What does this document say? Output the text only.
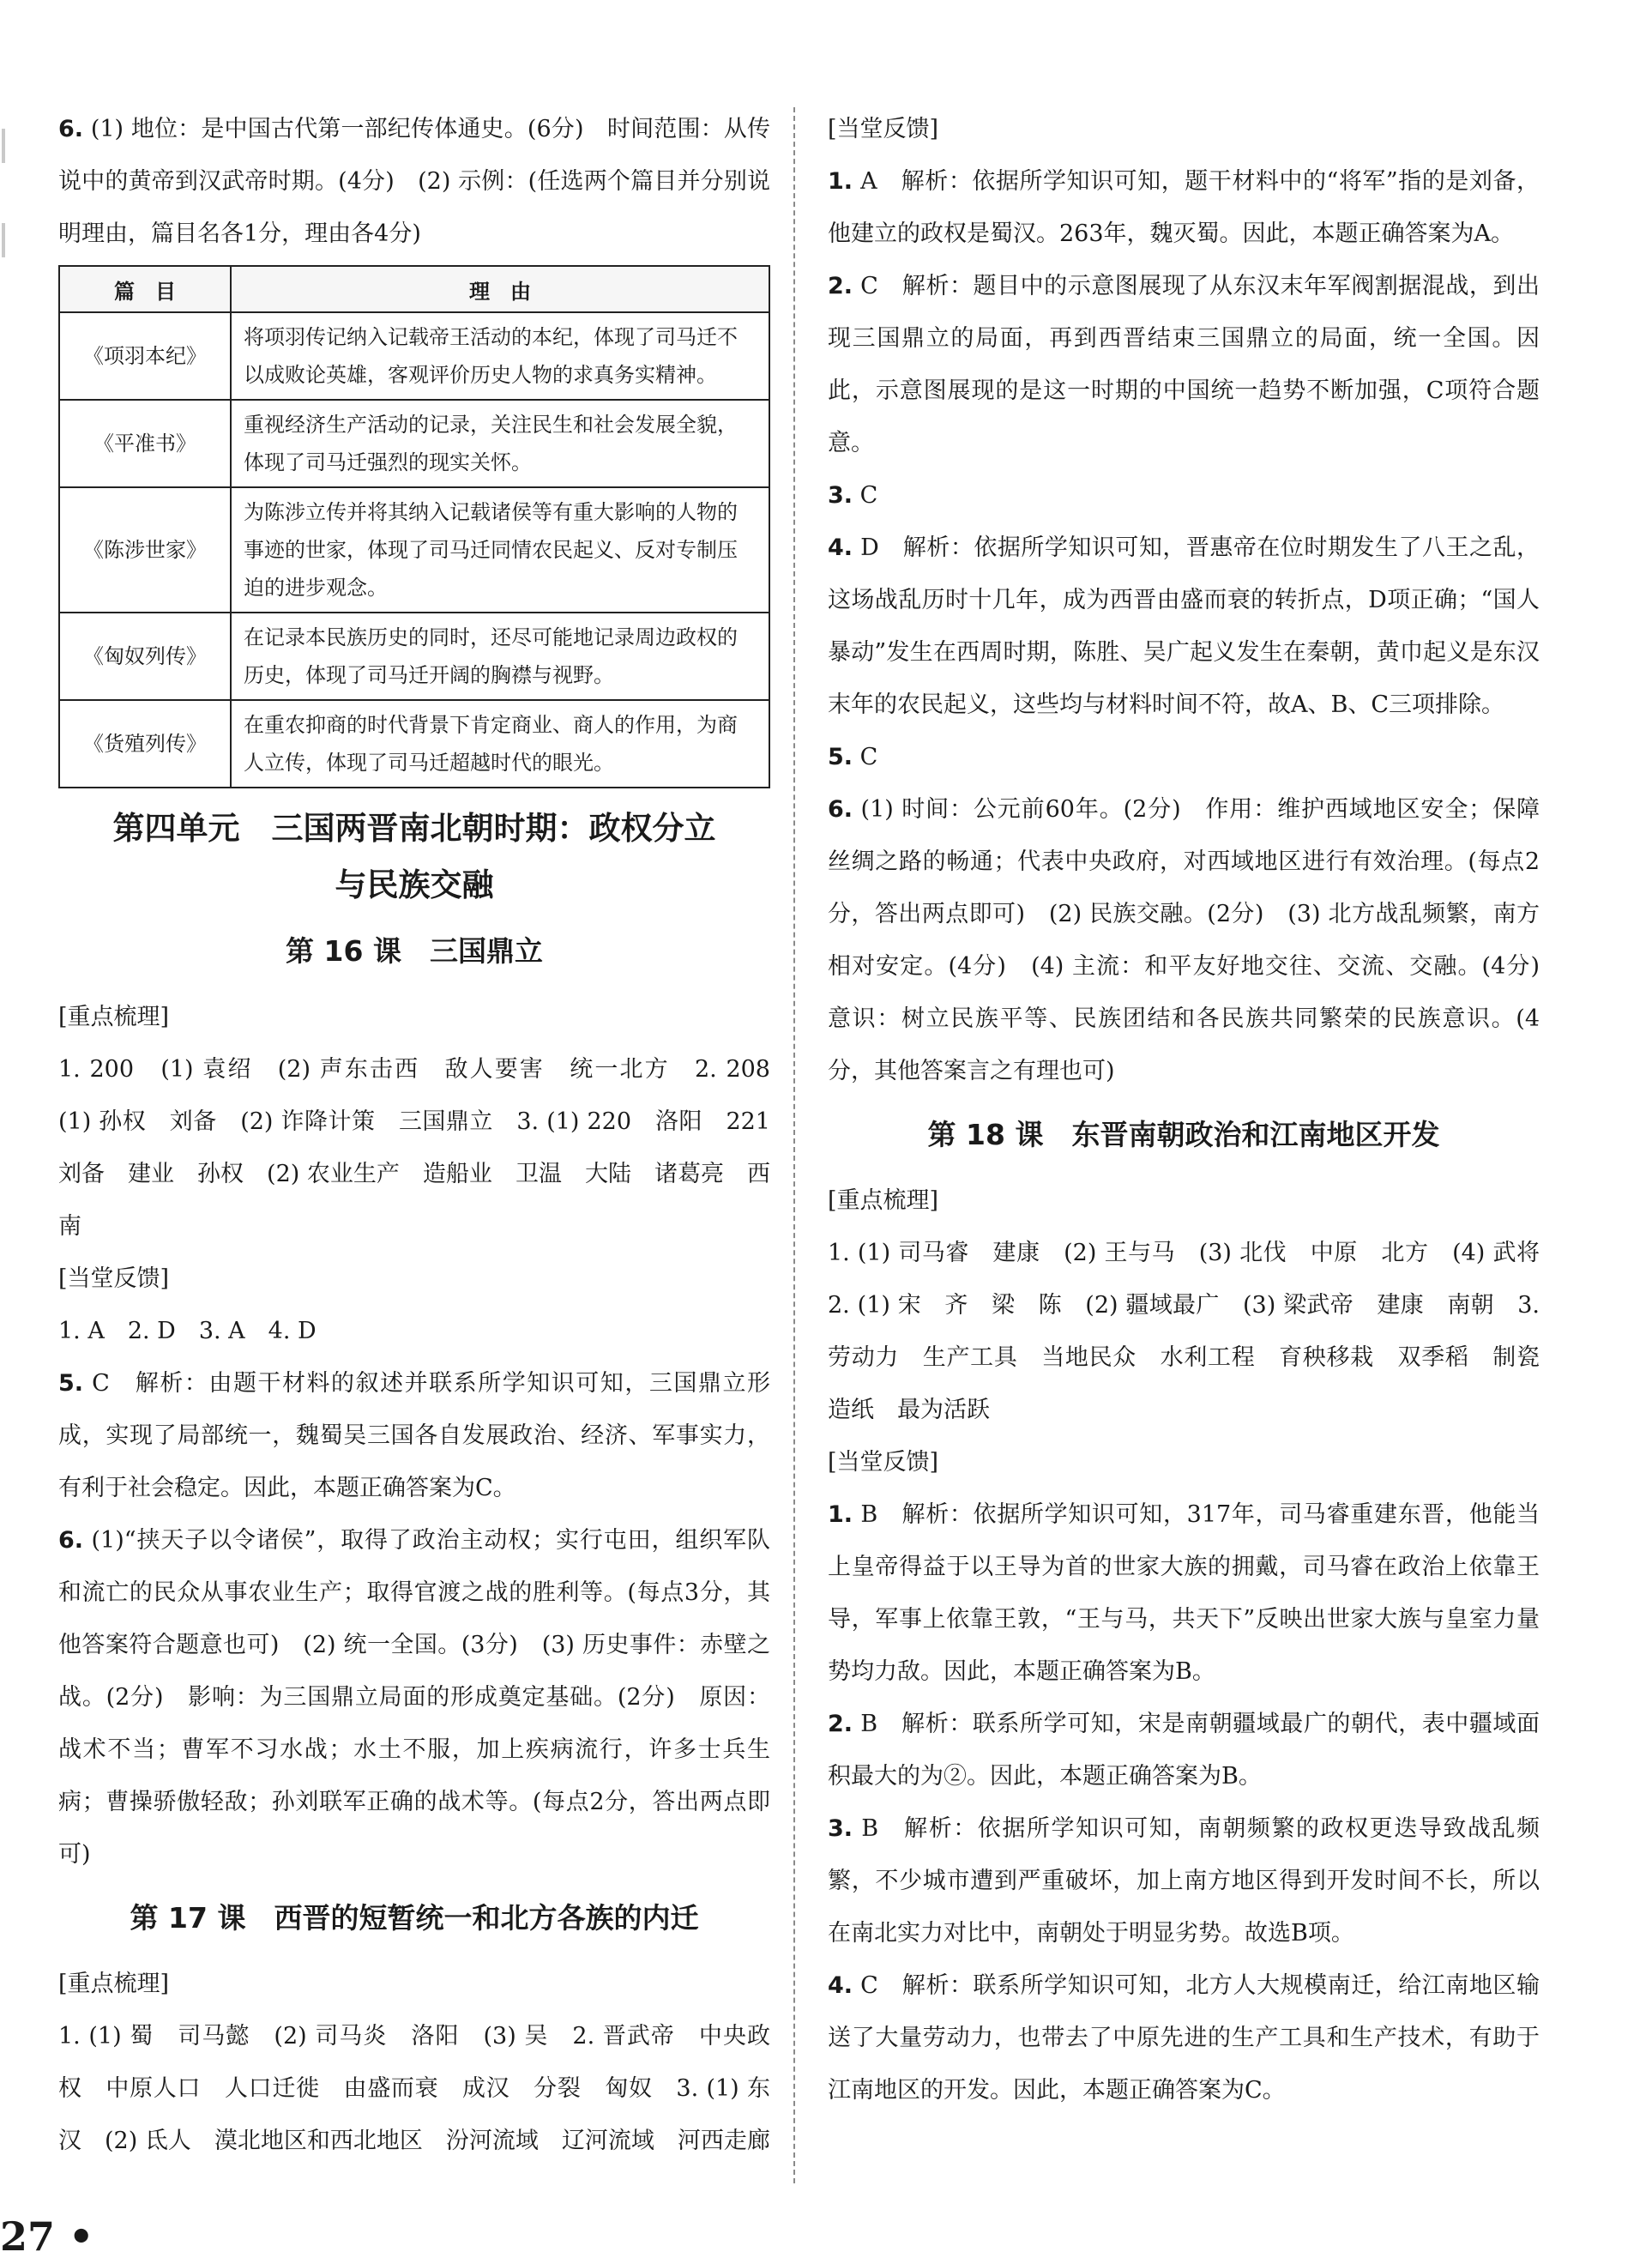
6. (1) 地位：是中国古代第一部纪传体通史。(6分)　时间范围：从传说中的黄帝到汉武帝时期。(4分)　(2) 示例：(任选两个篇目并分别说明理由，篇目名各1分，理由各4分)

篇　目	理　由
《项羽本纪》	将项羽传记纳入记载帝王活动的本纪，体现了司马迁不以成败论英雄，客观评价历史人物的求真务实精神。
《平准书》	重视经济生产活动的记录，关注民生和社会发展全貌，体现了司马迁强烈的现实关怀。
《陈涉世家》	为陈涉立传并将其纳入记载诸侯等有重大影响的人物的事迹的世家，体现了司马迁同情农民起义、反对专制压迫的进步观念。
《匈奴列传》	在记录本民族历史的同时，还尽可能地记录周边政权的历史，体现了司马迁开阔的胸襟与视野。
《货殖列传》	在重农抑商的时代背景下肯定商业、商人的作用，为商人立传，体现了司马迁超越时代的眼光。
第四单元　三国两晋南北朝时期：政权分立
与民族交融
第 16 课　三国鼎立

[重点梳理]

1. 200　(1) 袁绍　(2) 声东击西　敌人要害　统一北方　2. 208　(1) 孙权　刘备　(2) 诈降计策　三国鼎立　3. (1) 220　洛阳　221　刘备　建业　孙权　(2) 农业生产　造船业　卫温　大陆　诸葛亮　西南

[当堂反馈]

1. A　2. D　3. A　4. D

5. C　解析：由题干材料的叙述并联系所学知识可知，三国鼎立形成，实现了局部统一，魏蜀吴三国各自发展政治、经济、军事实力，有利于社会稳定。因此，本题正确答案为C。

6. (1)“挟天子以令诸侯”，取得了政治主动权；实行屯田，组织军队和流亡的民众从事农业生产；取得官渡之战的胜利等。(每点3分，其他答案符合题意也可)　(2) 统一全国。(3分)　(3) 历史事件：赤壁之战。(2分)　影响：为三国鼎立局面的形成奠定基础。(2分)　原因：战术不当；曹军不习水战；水土不服，加上疾病流行，许多士兵生病；曹操骄傲轻敌；孙刘联军正确的战术等。(每点2分，答出两点即可)

第 17 课　西晋的短暂统一和北方各族的内迁

[重点梳理]

1. (1) 蜀　司马懿　(2) 司马炎　洛阳　(3) 吴　2. 晋武帝　中央政权　中原人口　人口迁徙　由盛而衰　成汉　分裂　匈奴　3. (1) 东汉　(2) 氐人　漠北地区和西北地区　汾河流域　辽河流域　河西走廊

[当堂反馈]

1. A　解析：依据所学知识可知，题干材料中的“将军”指的是刘备，他建立的政权是蜀汉。263年，魏灭蜀。因此，本题正确答案为A。

2. C　解析：题目中的示意图展现了从东汉末年军阀割据混战，到出现三国鼎立的局面，再到西晋结束三国鼎立的局面，统一全国。因此，示意图展现的是这一时期的中国统一趋势不断加强，C项符合题意。

3. C

4. D　解析：依据所学知识可知，晋惠帝在位时期发生了八王之乱，这场战乱历时十几年，成为西晋由盛而衰的转折点，D项正确；“国人暴动”发生在西周时期，陈胜、吴广起义发生在秦朝，黄巾起义是东汉末年的农民起义，这些均与材料时间不符，故A、B、C三项排除。

5. C

6. (1) 时间：公元前60年。(2分)　作用：维护西域地区安全；保障丝绸之路的畅通；代表中央政府，对西域地区进行有效治理。(每点2分，答出两点即可)　(2) 民族交融。(2分)　(3) 北方战乱频繁，南方相对安定。(4分)　(4) 主流：和平友好地交往、交流、交融。(4分)　意识：树立民族平等、民族团结和各民族共同繁荣的民族意识。(4分，其他答案言之有理也可)

第 18 课　东晋南朝政治和江南地区开发

[重点梳理]

1. (1) 司马睿　建康　(2) 王与马　(3) 北伐　中原　北方　(4) 武将　2. (1) 宋　齐　梁　陈　(2) 疆域最广　(3) 梁武帝　建康　南朝　3. 劳动力　生产工具　当地民众　水利工程　育秧移栽　双季稻　制瓷　造纸　最为活跃

[当堂反馈]

1. B　解析：依据所学知识可知，317年，司马睿重建东晋，他能当上皇帝得益于以王导为首的世家大族的拥戴，司马睿在政治上依靠王导，军事上依靠王敦，“王与马，共天下”反映出世家大族与皇室力量势均力敌。因此，本题正确答案为B。

2. B　解析：联系所学可知，宋是南朝疆域最广的朝代，表中疆域面积最大的为②。因此，本题正确答案为B。

3. B　解析：依据所学知识可知，南朝频繁的政权更迭导致战乱频繁，不少城市遭到严重破坏，加上南方地区得到开发时间不长，所以在南北实力对比中，南朝处于明显劣势。故选B项。

4. C　解析：联系所学知识可知，北方人大规模南迁，给江南地区输送了大量劳动力，也带去了中原先进的生产工具和生产技术，有助于江南地区的开发。因此，本题正确答案为C。

27 •
